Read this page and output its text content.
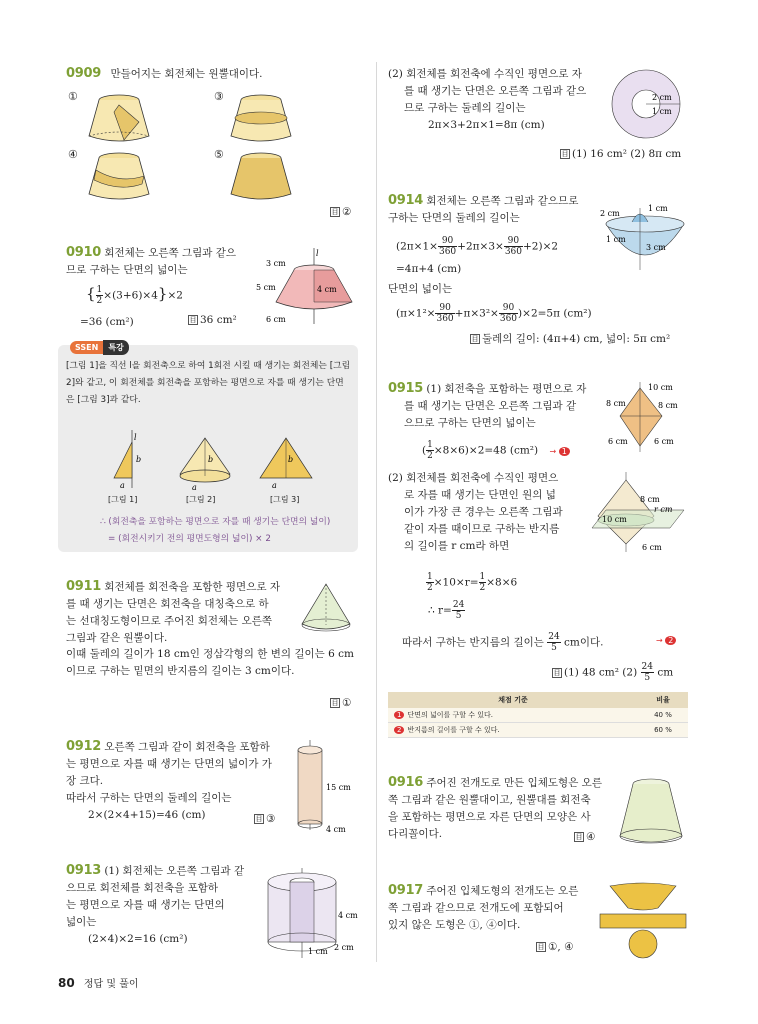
0909 만들어지는 회전체는 원뿔대이다.
①	③
④	⑤
目 ②
0910 회전체는 오른쪽 그림과 같으
므로 구하는 단면의 넓이는
{ $\frac{1}{2} \times(3+6)\times 4\}\times 2$
=36 (cm²)	目 36 cm²
l
3 cm
5 cm	4 cm
6 cm
SSEN 특강
[그림 1]을 직선 l을 회전축으로 하여 1회전 시킬 때 생기는 회전체는 [그림 2]와 같고, 이 회전체를 회전축을 포함하는 평면으로 자를 때 생기는 단면은 [그림 3]과 같다.
l
b
a
b
a
b
a
[그림 1]	[그림 2]	[그림 3]
∴ (회전축을 포함하는 평면으로 자를 때 생기는 단면의 넓이)
= (회전시키기 전의 평면도형의 넓이) × 2
0911 회전체를 회전축을 포함한 평면으로 자
를 때 생기는 단면은 회전축을 대칭축으로 하
는 선대칭도형이므로 주어진 회전체는 오른쪽
그림과 같은 원뿔이다.
이때 둘레의 길이가 18 cm인 정삼각형의 한 변의 길이는 6 cm
이므로 구하는 밑면의 반지름의 길이는 3 cm이다.
目 ①
0912 오른쪽 그림과 같이 회전축을 포함하
는 평면으로 자를 때 생기는 단면의 넓이가 가
장 크다.
따라서 구하는 단면의 둘레의 길이는
2×(2×4+15)=46 (cm)	目 ③
15 cm
4 cm
0913 (1) 회전체는 오른쪽 그림과 같
으므로 회전체를 회전축을 포함하
는 평면으로 자를 때 생기는 단면의
넓이는
(2×4)×2=16 (cm²)
4 cm
1 cm 2 cm
80 정답 및 풀이
(2) 회전체를 회전축에 수직인 평면으로 자
를 때 생기는 단면은 오른쪽 그림과 같으
므로 구하는 둘레의 길이는
2π×3+2π×1=8π (cm)
2 cm
1 cm
目 (1) 16 cm² (2) 8π cm
0914 회전체는 오른쪽 그림과 같으므로
구하는 단면의 둘레의 길이는
$(2\pi\times 1\times \frac{90}{360} +2\pi\times 3\times \frac{90}{360} +2)\times 2$
=4π+4 (cm)
단면의 넓이는
$(\pi\times 1^2\times \frac{90}{360} +\pi\times 3^2\times \frac{90}{360} )\times 2=5\pi$ (cm²)
目 둘레의 길이: (4π+4) cm, 넓이: 5π cm²
2 cm
1 cm
1 cm
3 cm
0915 (1) 회전축을 포함하는 평면으로 자
를 때 생기는 단면은 오른쪽 그림과 같
으므로 구하는 단면의 넓이는
( $\frac{1}{2} \times 8\times 6)\times 2=48$ (cm²) → 1
10 cm
8 cm	8 cm
6 cm	6 cm
(2) 회전체를 회전축에 수직인 평면으
로 자를 때 생기는 단면인 원의 넓
이가 가장 큰 경우는 오른쪽 그림과
같이 자를 때이므로 구하는 반지름
의 길이를 r cm라 하면
$\frac{1}{2} \times 10\times r= \frac{1}{2} \times 8\times 6$
∴ $r= \frac{24}{5}$
따라서 구하는 반지름의 길이는 $\frac{24}{5}$ cm이다.	→ 2
目 (1) 48 cm² $(2) \frac{24}{5}$ cm
8 cm
r cm
10 cm
6 cm
채점 기준	비율
1 단면의 넓이를 구할 수 있다.	40 %
2 반지름의 길이를 구할 수 있다.	60 %
0916 주어진 전개도로 만든 입체도형은 오른
쪽 그림과 같은 원뿔대이고, 원뿔대를 회전축
을 포함하는 평면으로 자른 단면의 모양은 사
다리꼴이다.	目 ④
0917 주어진 입체도형의 전개도는 오른
쪽 그림과 같으므로 전개도에 포함되어
있지 않은 도형은 ①, ④이다.
目 ①, ④
